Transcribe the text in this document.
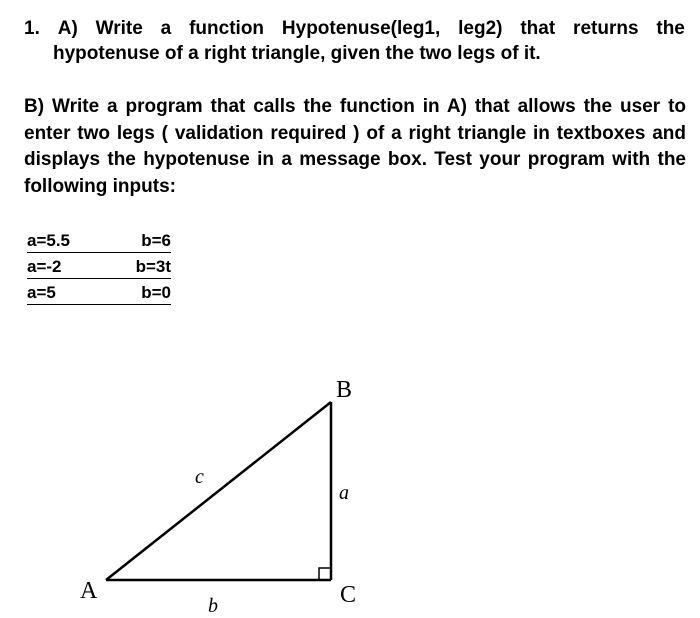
1. A) Write a function Hypotenuse(leg1, leg2) that returns the
hypotenuse of a right triangle, given the two legs of it.
B) Write a program that calls the function in A) that allows the user to
enter two legs ( validation required ) of a right triangle in textboxes and
displays the hypotenuse in a message box. Test your program with the
following inputs:
a=5.5	b=6
a=-2	b=3t
a=5	b=0
B
C
A
a
b
c
